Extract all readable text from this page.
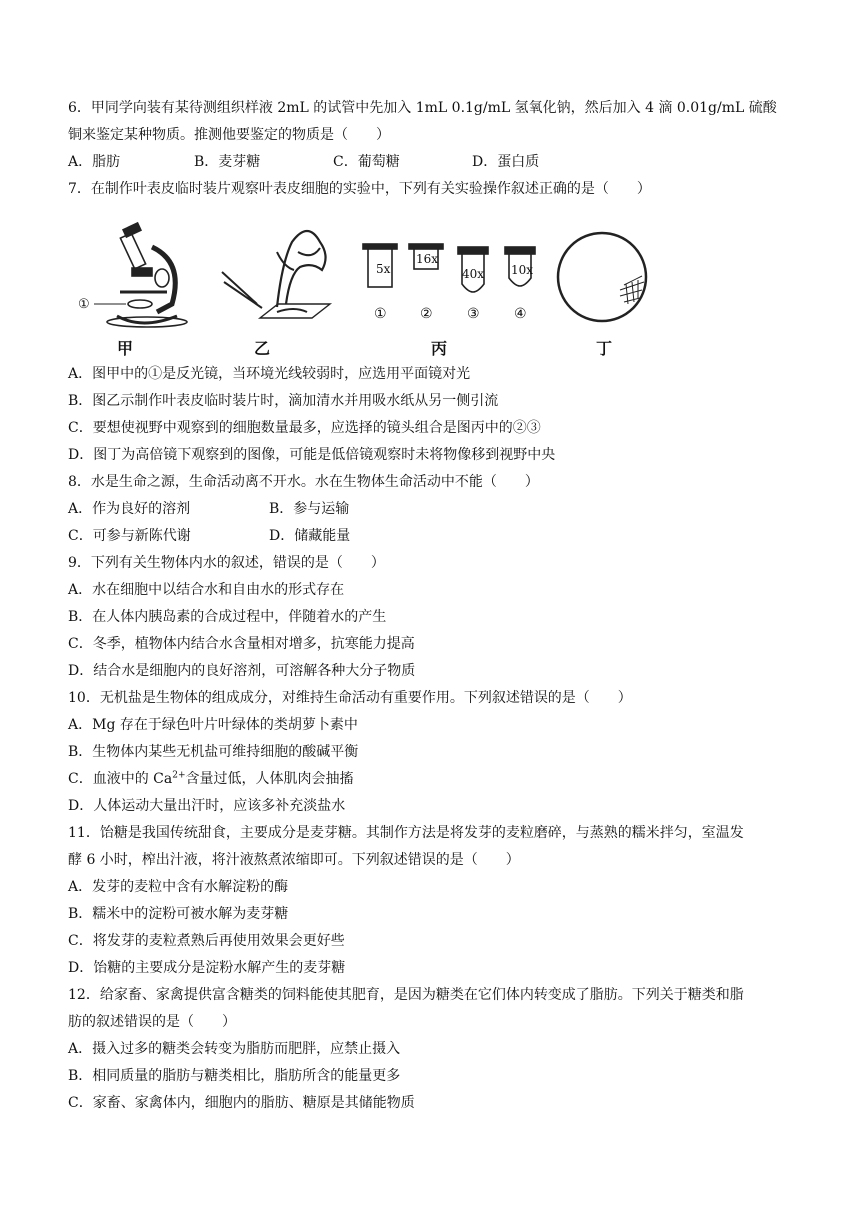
6．甲同学向装有某待测组织样液 2mL 的试管中先加入 1mL 0.1g/mL 氢氧化钠，然后加入 4 滴 0.01g/mL 硫酸
铜来鉴定某种物质。推测他要鉴定的物质是（　　）
A．脂肪	B．麦芽糖	C．葡萄糖	D．蛋白质
7．在制作叶表皮临时装片观察叶表皮细胞的实验中，下列有关实验操作叙述正确的是（　　）
5x
16x
40x 10x
① ② ③ ④
①
甲	乙	丙	丁
A．图甲中的①是反光镜，当环境光线较弱时，应选用平面镜对光
B．图乙示制作叶表皮临时装片时，滴加清水并用吸水纸从另一侧引流
C．要想使视野中观察到的细胞数量最多，应选择的镜头组合是图丙中的②③
D．图丁为高倍镜下观察到的图像，可能是低倍镜观察时未将物像移到视野中央
8．水是生命之源，生命活动离不开水。水在生物体生命活动中不能（　　）
A．作为良好的溶剂	B．参与运输
C．可参与新陈代谢	D．储藏能量
9．下列有关生物体内水的叙述，错误的是（　　）
A．水在细胞中以结合水和自由水的形式存在
B．在人体内胰岛素的合成过程中，伴随着水的产生
C．冬季，植物体内结合水含量相对增多，抗寒能力提高
D．结合水是细胞内的良好溶剂，可溶解各种大分子物质
10．无机盐是生物体的组成成分，对维持生命活动有重要作用。下列叙述错误的是（　　）
A．Mg 存在于绿色叶片叶绿体的类胡萝卜素中
B．生物体内某些无机盐可维持细胞的酸碱平衡
C．血液中的 $Ca^{2+}$含量过低，人体肌肉会抽搐
D．人体运动大量出汗时，应该多补充淡盐水
11．饴糖是我国传统甜食，主要成分是麦芽糖。其制作方法是将发芽的麦粒磨碎，与蒸熟的糯米拌匀，室温发
酵 6 小时，榨出汁液，将汁液熬煮浓缩即可。下列叙述错误的是（　　）
A．发芽的麦粒中含有水解淀粉的酶
B．糯米中的淀粉可被水解为麦芽糖
C．将发芽的麦粒煮熟后再使用效果会更好些
D．饴糖的主要成分是淀粉水解产生的麦芽糖
12．给家畜、家禽提供富含糖类的饲料能使其肥育，是因为糖类在它们体内转变成了脂肪。下列关于糖类和脂
肪的叙述错误的是（　　）
A．摄入过多的糖类会转变为脂肪而肥胖，应禁止摄入
B．相同质量的脂肪与糖类相比，脂肪所含的能量更多
C．家畜、家禽体内，细胞内的脂肪、糖原是其储能物质
